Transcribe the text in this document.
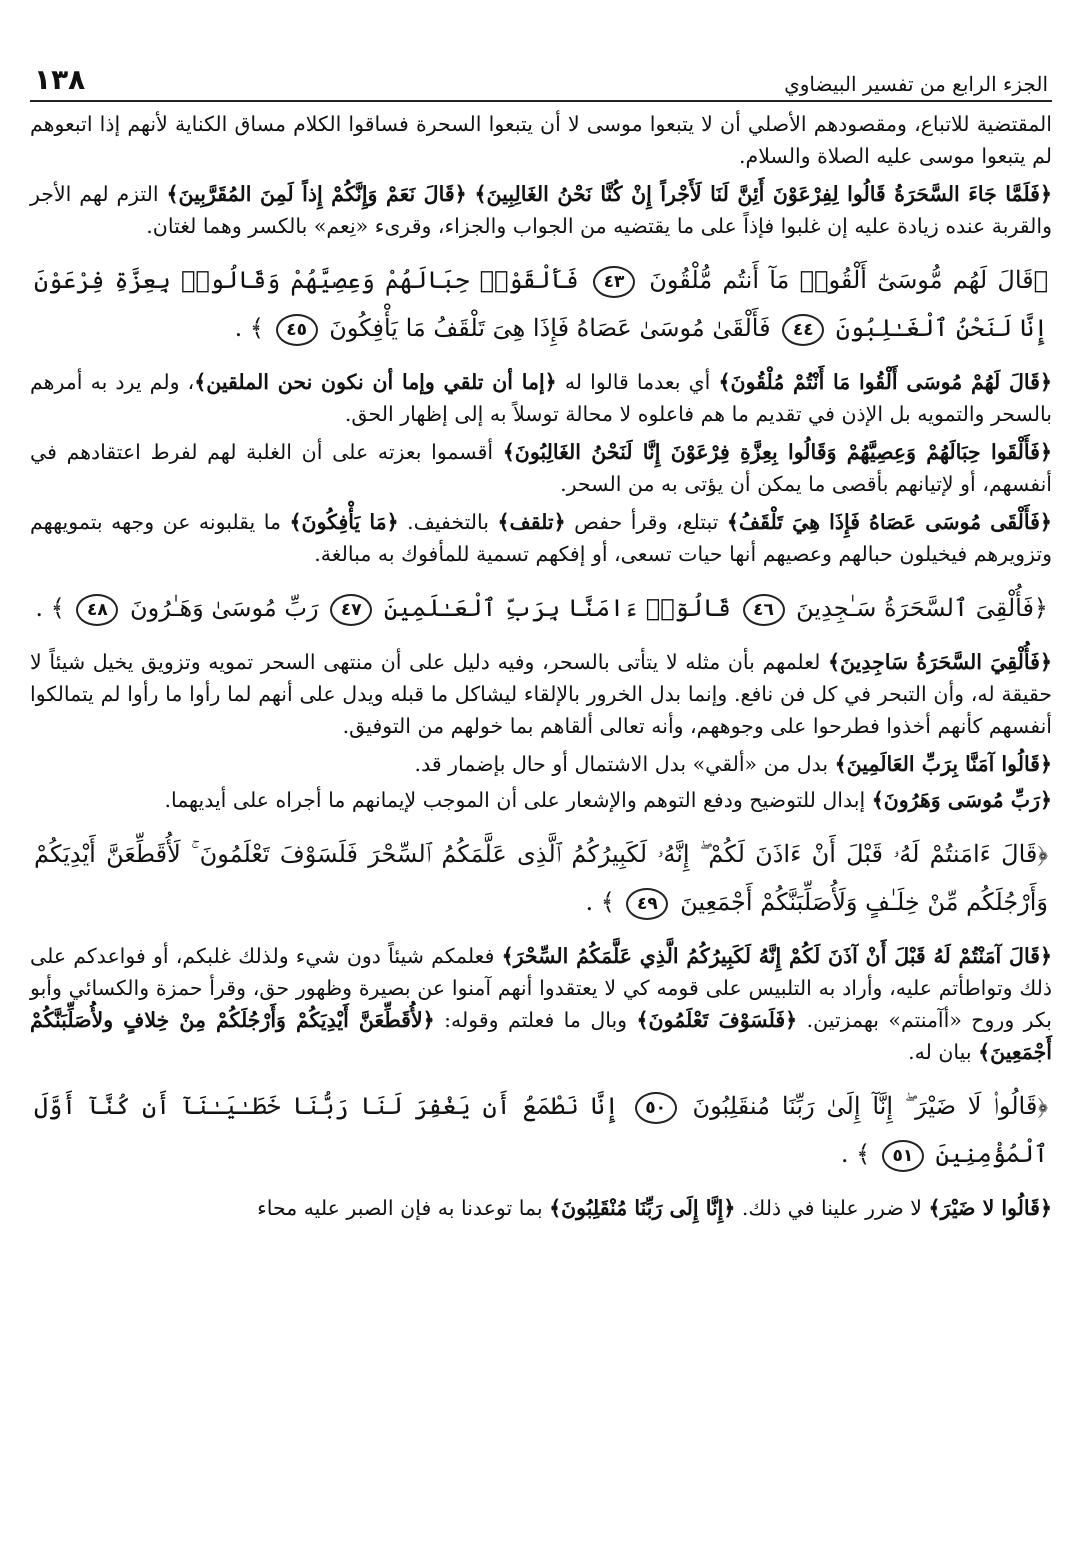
الجزء الرابع من تفسير البيضاوي
١٣٨

المقتضية للاتباع، ومقصودهم الأصلي أن لا يتبعوا موسى لا أن يتبعوا السحرة فساقوا الكلام مساق الكناية لأنهم إذا اتبعوهم لم يتبعوا موسى عليه الصلاة والسلام.

﴿فَلَمَّا جَاءَ السَّحَرَةُ قَالُوا لِفِرْعَوْنَ أَئِنَّ لَنَا لَأَجْراً إِنْ كُنَّا نَحْنُ الغَالِبِينَ﴾ ﴿قَالَ نَعَمْ وَإِنَّكُمْ إِذاً لَمِنَ المُقَرَّبِينَ﴾ التزم لهم الأجر والقربة عنده زيادة عليه إن غلبوا فإذاً على ما يقتضيه من الجواب والجزاء، وقرىء «نِعم» بالكسر وهما لغتان.

﴿قَالَ لَهُم مُّوسَىٰٓ أَلْقُوا۟ مَآ أَنتُم مُّلْقُونَ ٤٣ فَأَلْقَوْا۟ حِبَالَهُمْ وَعِصِيَّهُمْ وَقَالُوا۟ بِعِزَّةِ فِرْعَوْنَ إِنَّا لَنَحْنُ ٱلْغَـٰلِبُونَ ٤٤ فَأَلْقَىٰ مُوسَىٰ عَصَاهُ فَإِذَا هِىَ تَلْقَفُ مَا يَأْفِكُونَ ٤٥ ﴾ .

﴿قَالَ لَهُمْ مُوسَى أَلْقُوا مَا أَنْتُمْ مُلْقُونَ﴾ أي بعدما قالوا له ﴿إما أن تلقي وإما أن نكون نحن الملقين﴾، ولم يرد به أمرهم بالسحر والتمويه بل الإذن في تقديم ما هم فاعلوه لا محالة توسلاً به إلى إظهار الحق.

﴿فَأَلْقَوا حِبَالَهُمْ وَعِصِيَّهُمْ وَقَالُوا بِعِزَّةِ فِرْعَوْنَ إِنَّا لَنَحْنُ الغَالِبُونَ﴾ أقسموا بعزته على أن الغلبة لهم لفرط اعتقادهم في أنفسهم، أو لإتيانهم بأقصى ما يمكن أن يؤتى به من السحر.

﴿فَأَلْقَى مُوسَى عَصَاهُ فَإِذَا هِيَ تَلْقَفُ﴾ تبتلع، وقرأ حفص ﴿تلقف﴾ بالتخفيف. ﴿مَا يَأْفِكُونَ﴾ ما يقلبونه عن وجهه بتمويههم وتزويرهم فيخيلون حبالهم وعصيهم أنها حيات تسعى، أو إفكهم تسمية للمأفوك به مبالغة.

﴿فَأُلْقِىَ ٱلسَّحَرَةُ سَـٰجِدِينَ ٤٦ قَالُوٓا۟ ءَامَنَّا بِرَبِّ ٱلْعَـٰلَمِينَ ٤٧ رَبِّ مُوسَىٰ وَهَـٰرُونَ ٤٨ ﴾ .

﴿فَأُلْقِيَ السَّحَرَةُ سَاجِدِينَ﴾ لعلمهم بأن مثله لا يتأتى بالسحر، وفيه دليل على أن منتهى السحر تمويه وتزويق يخيل شيئاً لا حقيقة له، وأن التبحر في كل فن نافع. وإنما بدل الخرور بالإلقاء ليشاكل ما قبله ويدل على أنهم لما رأوا ما رأوا لم يتمالكوا أنفسهم كأنهم أخذوا فطرحوا على وجوههم، وأنه تعالى ألقاهم بما خولهم من التوفيق.

﴿قَالُوا آمَنَّا بِرَبِّ العَالَمِينَ﴾ بدل من «ألقي» بدل الاشتمال أو حال بإضمار قد.

﴿رَبِّ مُوسَى وَهَرُونَ﴾ إبدال للتوضيح ودفع التوهم والإشعار على أن الموجب لإيمانهم ما أجراه على أيديهما.

﴿قَالَ ءَامَنتُمْ لَهُۥ قَبْلَ أَنْ ءَاذَنَ لَكُمْ ۖ إِنَّهُۥ لَكَبِيرُكُمُ ٱلَّذِى عَلَّمَكُمُ ٱلسِّحْرَ فَلَسَوْفَ تَعْلَمُونَ ۚ لَأُقَطِّعَنَّ أَيْدِيَكُمْ وَأَرْجُلَكُم مِّنْ خِلَـٰفٍ وَلَأُصَلِّبَنَّكُمْ أَجْمَعِينَ ٤٩ ﴾ .

﴿قَالَ آمَنْتُمْ لَهُ قَبْلَ أَنْ آذَنَ لَكُمْ إِنَّهُ لَكَبِيرُكُمُ الَّذِي عَلَّمَكُمُ السِّحْرَ﴾ فعلمكم شيئاً دون شيء ولذلك غلبكم، أو فواعدكم على ذلك وتواطأتم عليه، وأراد به التلبيس على قومه كي لا يعتقدوا أنهم آمنوا عن بصيرة وظهور حق، وقرأ حمزة والكسائي وأبو بكر وروح «أآمنتم» بهمزتين. ﴿فَلَسَوْفَ تَعْلَمُونَ﴾ وبال ما فعلتم وقوله: ﴿لأُقَطِّعَنَّ أَيْدِيَكُمْ وَأَرْجُلَكُمْ مِنْ خِلافٍ ولأُصَلِّبَنَّكُمْ أَجْمَعِينَ﴾ بيان له.

﴿قَالُوا۟ لَا ضَيْرَ ۖ إِنَّآ إِلَىٰ رَبِّنَا مُنقَلِبُونَ ٥٠ إِنَّا نَطْمَعُ أَن يَغْفِرَ لَنَا رَبُّنَا خَطَـٰيَـٰنَآ أَن كُنَّآ أَوَّلَ ٱلْمُؤْمِنِينَ ٥١ ﴾ .

﴿قَالُوا لا ضَيْرَ﴾ لا ضرر علينا في ذلك. ﴿إِنَّا إِلَى رَبِّنَا مُنْقَلِبُونَ﴾ بما توعدنا به فإن الصبر عليه محاء
